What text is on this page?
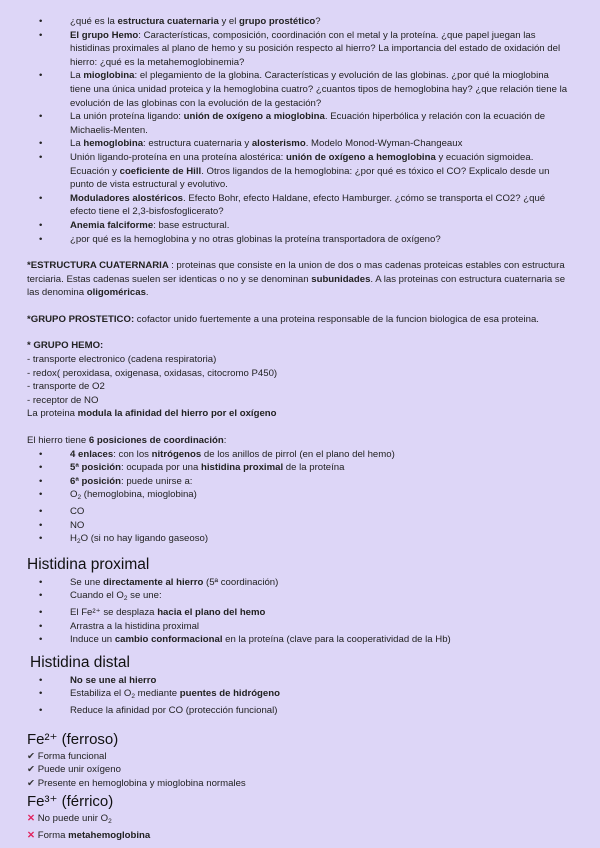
• ¿qué es la estructura cuaternaria y el grupo prostético?
• El grupo Hemo: Características, composición, coordinación con el metal y la proteína. ¿que papel juegan las histidinas proximales al plano de hemo y su posición respecto al hierro? La importancia del estado de oxidación del hierro: ¿qué es la metahemoglobinemia?
• La mioglobina: el plegamiento de la globina. Características y evolución de las globinas. ¿por qué la mioglobina tiene una única unidad proteica y la hemoglobina cuatro? ¿cuantos tipos de hemoglobina hay? ¿que relación tiene la evolución de las globinas con la evolución de la gestación?
• La unión proteína ligando: unión de oxígeno a mioglobina. Ecuación hiperbólica y relación con la ecuación de Michaelis-Menten.
• La hemoglobina: estructura cuaternaria y alosterismo. Modelo Monod-Wyman-Changeaux
• Unión ligando-proteína en una proteína alostérica: unión de oxígeno a hemoglobina y ecuación sigmoidea. Ecuación y coeficiente de Hill. Otros ligandos de la hemoglobina: ¿por qué es tóxico el CO? Explicalo desde un punto de vista estructural y evolutivo.
• Moduladores alostéricos. Efecto Bohr, efecto Haldane, efecto Hamburger. ¿cómo se transporta el CO2? ¿qué efecto tiene el 2,3-bisfosfoglicerato?
• Anemia falciforme: base estructural.
• ¿por qué es la hemoglobina y no otras globinas la proteína transportadora de oxígeno?

*ESTRUCTURA CUATERNARIA : proteinas que consiste en la union de dos o mas cadenas proteicas estables con estructura terciaria. Estas cadenas suelen ser identicas o no y se denominan subunidades. A las proteinas con estructura cuaternaria se las denomina oligoméricas.

*GRUPO PROSTETICO: cofactor unido fuertemente a una proteina responsable de la funcion biologica de esa proteina.

* GRUPO HEMO:

- transporte electronico (cadena respiratoria)

- redox( peroxidasa, oxigenasa, oxidasas, citocromo P450)

- transporte de O2

- receptor de NO

La proteina modula la afinidad del hierro por el oxígeno

El hierro tiene 6 posiciones de coordinación:

• 4 enlaces: con los nitrógenos de los anillos de pirrol (en el plano del hemo)
• 5ª posición: ocupada por una histidina proximal de la proteína
• 6ª posición: puede unirse a:
• $O_2$ (hemoglobina, mioglobina)
• CO
• NO
• $H_2O$ (si no hay ligando gaseoso)
Histidina proximal
• Se une directamente al hierro (5ª coordinación)
• Cuando el $O_2$ se une:
• El Fe²⁺ se desplaza hacia el plano del hemo
• Arrastra a la histidina proximal
• Induce un cambio conformacional en la proteína (clave para la cooperatividad de la Hb)
Histidina distal
• No se une al hierro
• Estabiliza el $O_2$ mediante puentes de hidrógeno
• Reduce la afinidad por CO (protección funcional)
Fe²⁺ (ferroso)

✔ Forma funcional

✔ Puede unir oxígeno

✔ Presente en hemoglobina y mioglobina normales

Fe³⁺ (férrico)

✕ No puede unir $O_2$

✕ Forma metahemoglobina
